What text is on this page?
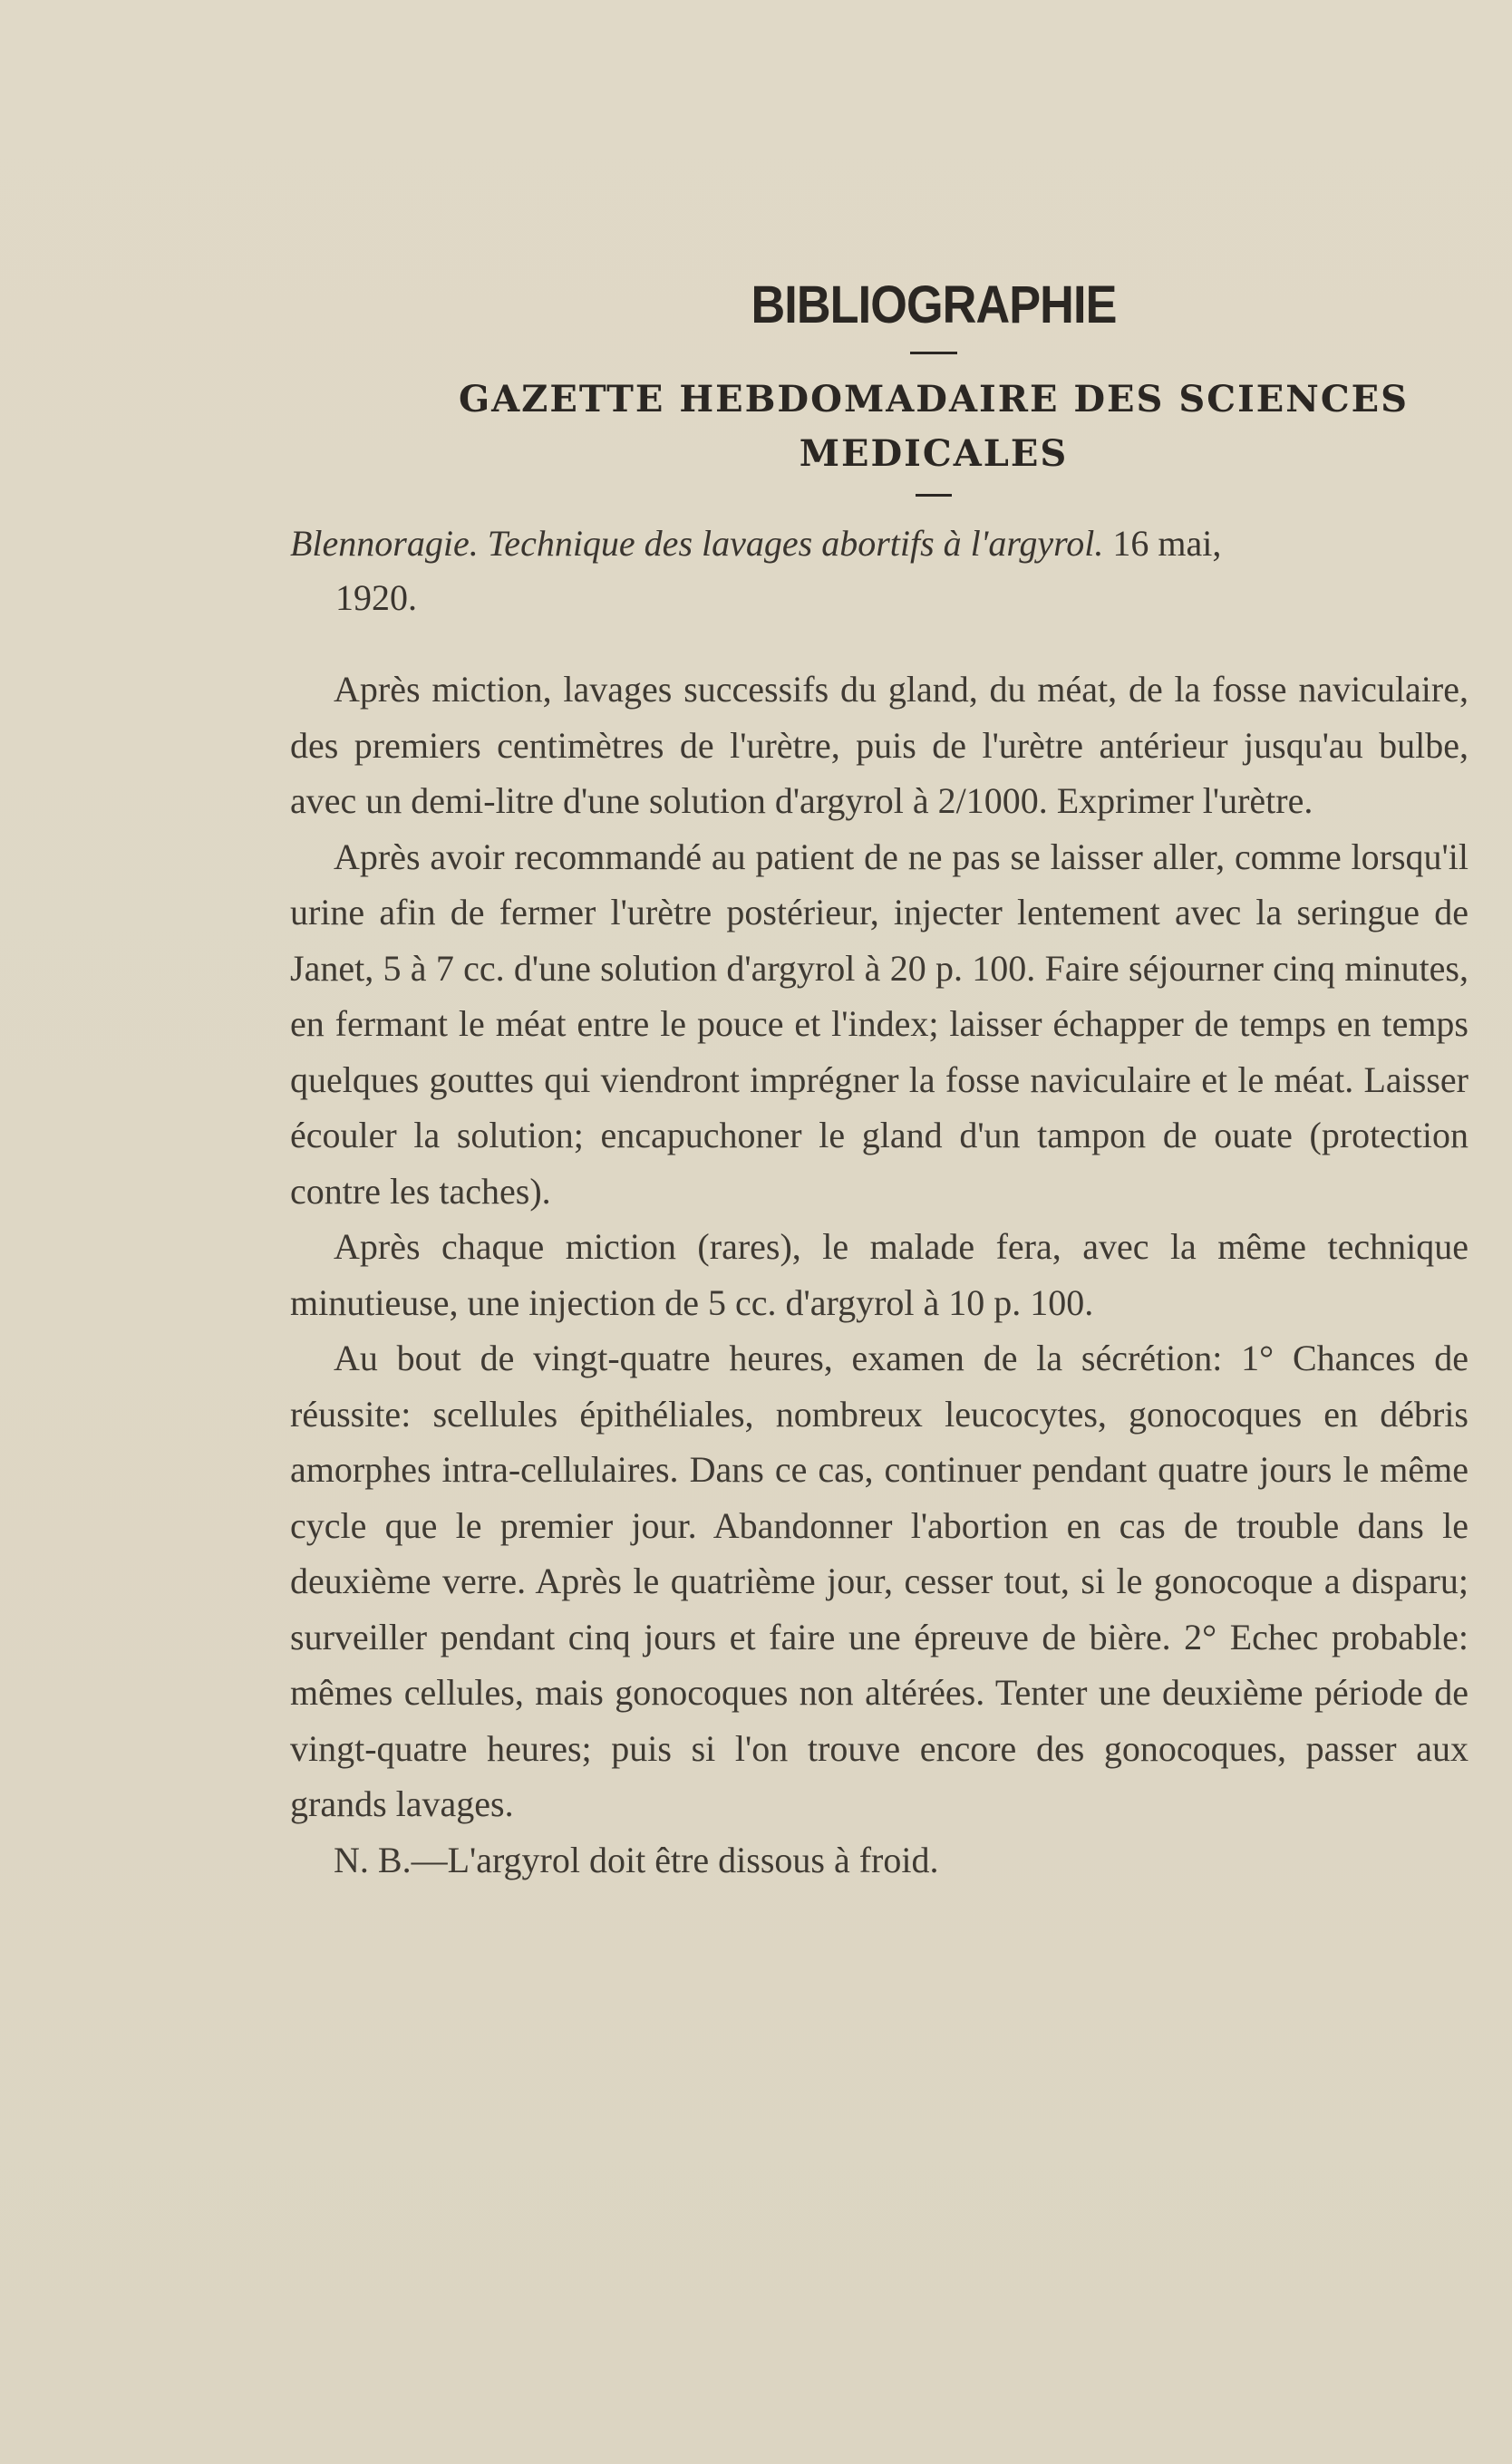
BIBLIOGRAPHIE
GAZETTE HEBDOMADAIRE DES SCIENCES
MEDICALES
Blennoragie. Technique des lavages abortifs à l'argyrol. 16 mai,
1920.

Après miction, lavages successifs du gland, du méat, de la fosse naviculaire, des premiers centimètres de l'urètre, puis de l'urètre antérieur jusqu'au bulbe, avec un demi-litre d'une solution d'argyrol à 2/1000. Exprimer l'urètre.

Après avoir recommandé au patient de ne pas se laisser aller, comme lorsqu'il urine afin de fermer l'urètre postérieur, injecter lentement avec la seringue de Janet, 5 à 7 cc. d'une solution d'argyrol à 20 p. 100. Faire séjourner cinq minutes, en fermant le méat entre le pouce et l'index; laisser échapper de temps en temps quelques gouttes qui viendront imprégner la fosse naviculaire et le méat. Laisser écouler la solution; encapuchoner le gland d'un tampon de ouate (protection contre les taches).

Après chaque miction (rares), le malade fera, avec la même technique minutieuse, une injection de 5 cc. d'argyrol à 10 p. 100.

Au bout de vingt-quatre heures, examen de la sécrétion: 1° Chances de réussite: scellules épithéliales, nombreux leucocytes, gonocoques en débris amorphes intra-cellulaires. Dans ce cas, continuer pendant quatre jours le même cycle que le premier jour. Abandonner l'abortion en cas de trouble dans le deuxième verre. Après le quatrième jour, cesser tout, si le gonocoque a disparu; surveiller pendant cinq jours et faire une épreuve de bière. 2° Echec probable: mêmes cellules, mais gonocoques non altérées. Tenter une deuxième période de vingt-quatre heures; puis si l'on trouve encore des gonocoques, passer aux grands lavages.

N. B.—L'argyrol doit être dissous à froid.
